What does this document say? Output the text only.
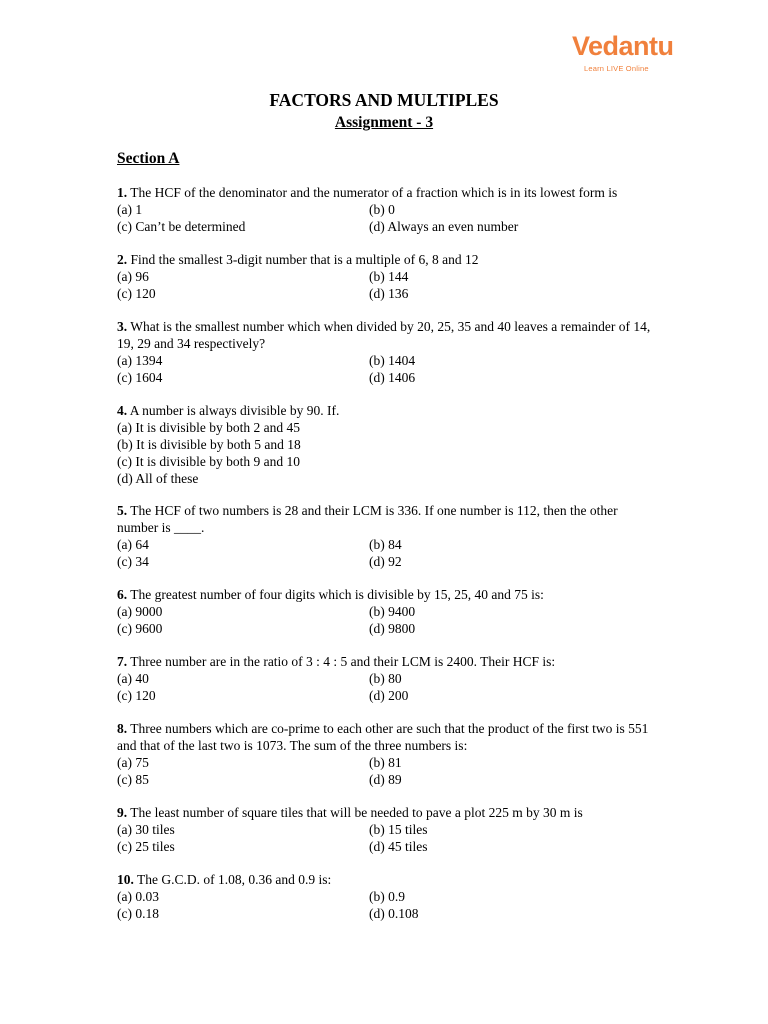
Vedantu
Learn LIVE Online
FACTORS AND MULTIPLES
Assignment - 3
Section A
1. The HCF of the denominator and the numerator of a fraction which is in its lowest form is
(a) 1	(b) 0
(c) Can’t be determined	(d) Always an even number
2. Find the smallest 3-digit number that is a multiple of 6, 8 and 12
(a) 96	(b) 144
(c) 120	(d) 136
3. What is the smallest number which when divided by 20, 25, 35 and 40 leaves a remainder of 14, 19, 29 and 34 respectively?
(a) 1394	(b) 1404
(c) 1604	(d) 1406
4. A number is always divisible by 90. If.
(a) It is divisible by both 2 and 45
(b) It is divisible by both 5 and 18
(c) It is divisible by both 9 and 10
(d) All of these
5. The HCF of two numbers is 28 and their LCM is 336. If one number is 112, then the other number is ____.
(a) 64	(b) 84
(c) 34	(d) 92
6. The greatest number of four digits which is divisible by 15, 25, 40 and 75 is:
(a) 9000	(b) 9400
(c) 9600	(d) 9800
7. Three number are in the ratio of 3 : 4 : 5 and their LCM is 2400. Their HCF is:
(a) 40	(b) 80
(c) 120	(d) 200
8. Three numbers which are co-prime to each other are such that the product of the first two is 551 and that of the last two is 1073. The sum of the three numbers is:
(a) 75	(b) 81
(c) 85	(d) 89
9. The least number of square tiles that will be needed to pave a plot 225 m by 30 m is
(a) 30 tiles	(b) 15 tiles
(c) 25 tiles	(d) 45 tiles
10. The G.C.D. of 1.08, 0.36 and 0.9 is:
(a) 0.03	(b) 0.9
(c) 0.18	(d) 0.108
